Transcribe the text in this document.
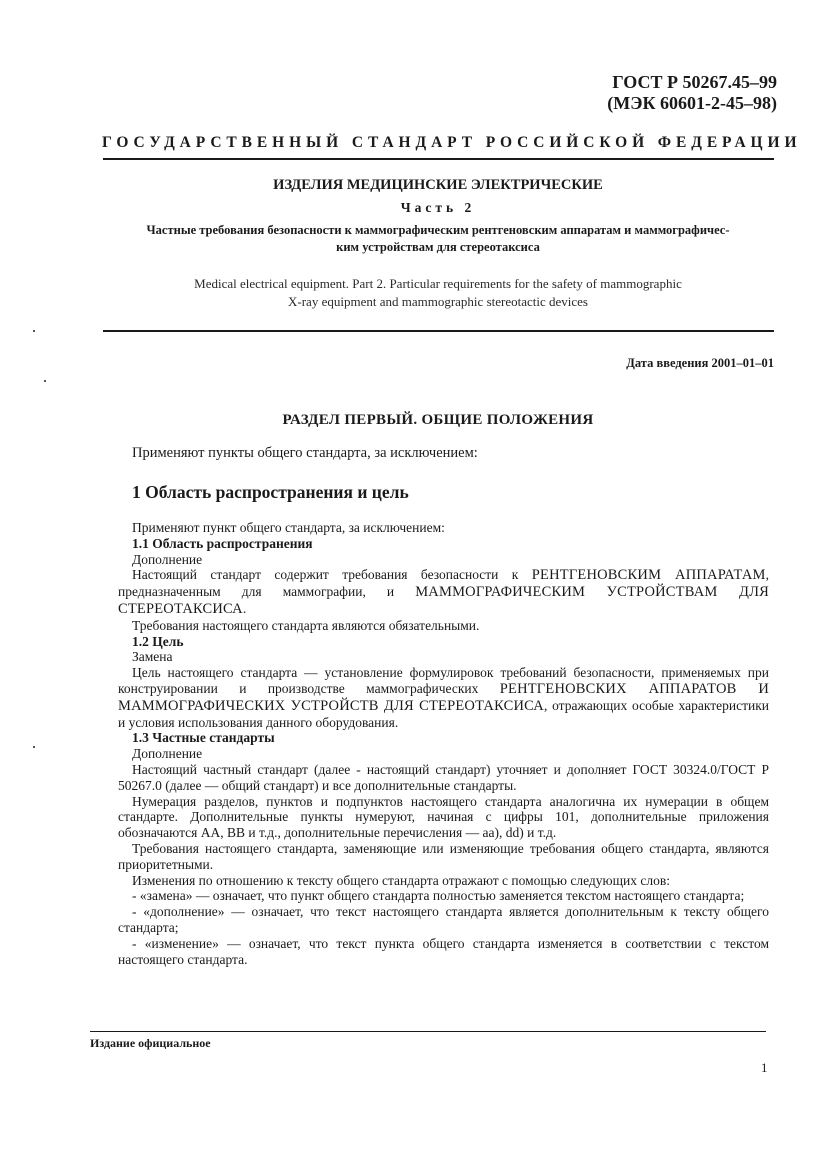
ГОСТ Р 50267.45–99
(МЭК 60601-2-45–98)
ГОСУДАРСТВЕННЫЙ СТАНДАРТ РОССИЙСКОЙ ФЕДЕРАЦИИ
ИЗДЕЛИЯ МЕДИЦИНСКИЕ ЭЛЕКТРИЧЕСКИЕ
Часть 2
Частные требования безопасности к маммографическим рентгеновским аппаратам и маммографичес-
ким устройствам для стереотаксиса
Medical electrical equipment. Part 2. Particular requirements for the safety of mammographic
X-ray equipment and mammographic stereotactic devices
Дата введения 2001–01–01
РАЗДЕЛ ПЕРВЫЙ. ОБЩИЕ ПОЛОЖЕНИЯ
Применяют пункты общего стандарта, за исключением:
1 Область распространения и цель

Применяют пункт общего стандарта, за исключением:

1.1 Область распространения

Дополнение

Настоящий стандарт содержит требования безопасности к РЕНТГЕНОВСКИМ АППАРАТАМ, предназначенным для маммографии, и МАММОГРАФИЧЕСКИМ УСТРОЙСТВАМ ДЛЯ СТЕРЕОТАКСИСА.

Требования настоящего стандарта являются обязательными.

1.2 Цель

Замена

Цель настоящего стандарта — установление формулировок требований безопасности, применяемых при конструировании и производстве маммографических РЕНТГЕНОВСКИХ АППАРАТОВ И МАММОГРАФИЧЕСКИХ УСТРОЙСТВ ДЛЯ СТЕРЕОТАКСИСА, отражающих особые характеристики и условия использования данного оборудования.

1.3 Частные стандарты

Дополнение

Настоящий частный стандарт (далее - настоящий стандарт) уточняет и дополняет ГОСТ 30324.0/ГОСТ Р 50267.0 (далее — общий стандарт) и все дополнительные стандарты.

Нумерация разделов, пунктов и подпунктов настоящего стандарта аналогична их нумерации в общем стандарте. Дополнительные пункты нумеруют, начиная с цифры 101, дополнительные приложения обозначаются АА, ВВ и т.д., дополнительные перечисления — аа), dd) и т.д.

Требования настоящего стандарта, заменяющие или изменяющие требования общего стандарта, являются приоритетными.

Изменения по отношению к тексту общего стандарта отражают с помощью следующих слов:

- «замена» — означает, что пункт общего стандарта полностью заменяется текстом настоящего стандарта;

- «дополнение» — означает, что текст настоящего стандарта является дополнительным к тексту общего стандарта;

- «изменение» — означает, что текст пункта общего стандарта изменяется в соответствии с текстом настоящего стандарта.

Издание официальное
1
